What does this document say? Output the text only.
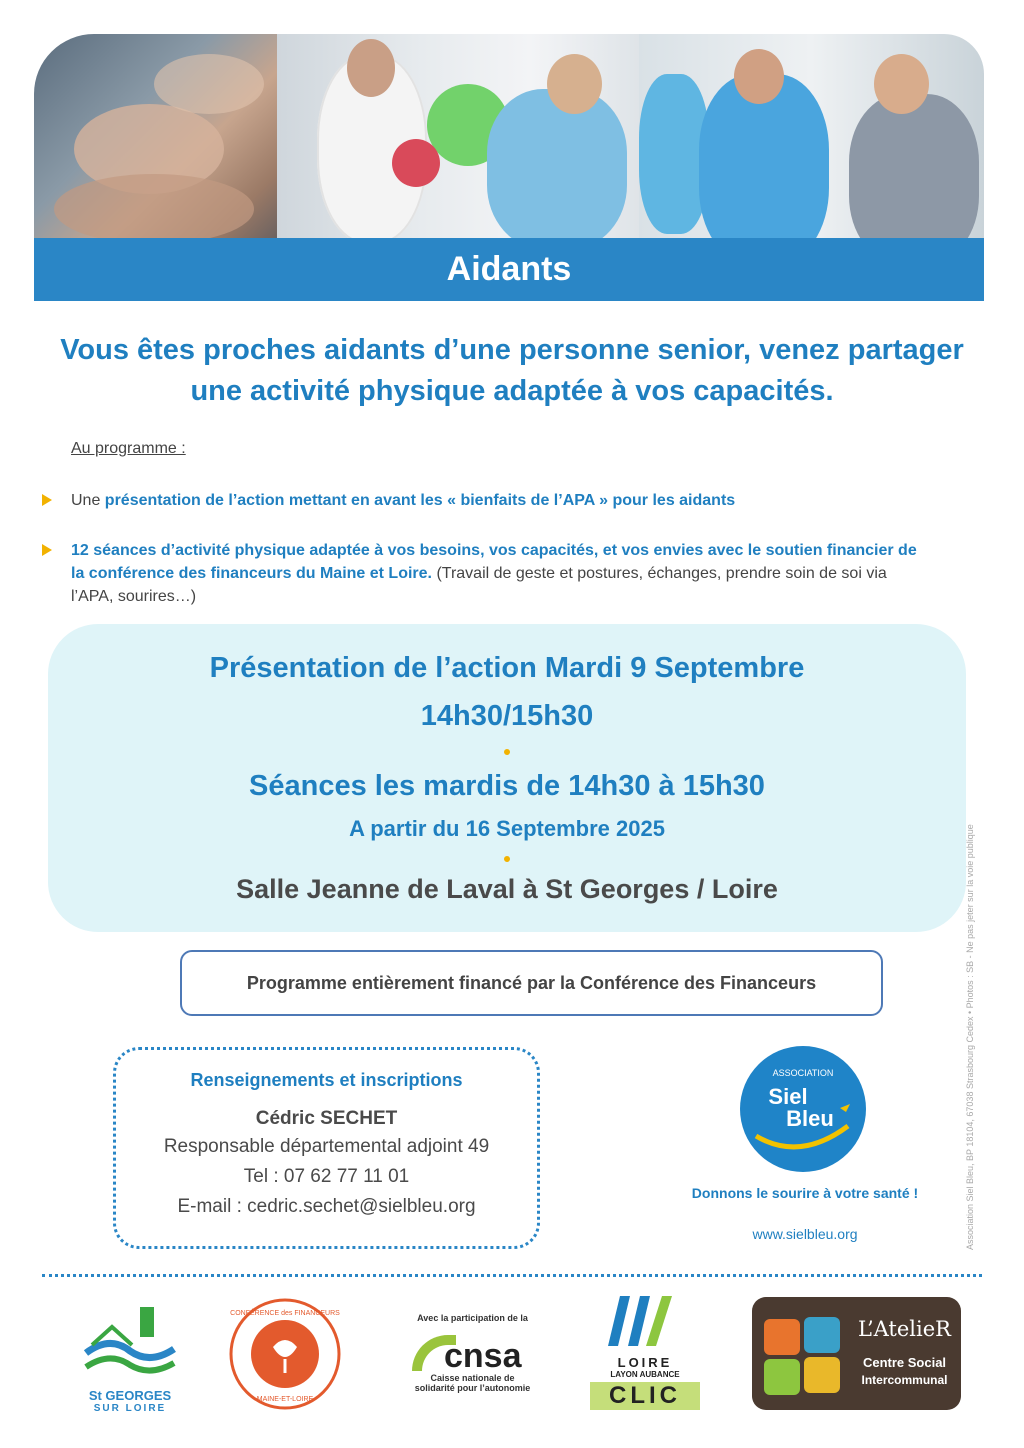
Aidants
Vous êtes proches aidants d’une personne senior, venez partager une activité physique adaptée à vos capacités.
Au programme :
Une présentation de l’action mettant en avant les « bienfaits de l’APA » pour les aidants
12 séances d’activité physique adaptée à vos besoins, vos capacités, et vos envies avec le soutien financier de la conférence des financeurs du Maine et Loire. (Travail de geste et postures, échanges, prendre soin de soi via l’APA, sourires…)
Présentation de l’action Mardi 9 Septembre
14h30/15h30
Séances les mardis de 14h30 à 15h30
A partir du 16 Septembre 2025
Salle Jeanne de Laval à St Georges / Loire
Programme entièrement financé par la Conférence des Financeurs
Renseignements et inscriptions
Cédric SECHET
Responsable départemental adjoint 49
Tel : 07 62 77 11 01
E-mail : cedric.sechet@sielbleu.org
ASSOCIATION
Siel
Bleu
Donnons le sourire à votre santé !
www.sielbleu.org	Association Siel Bleu, BP 18104, 67038 Strasbourg Cedex • Photos : SB - Ne pas jeter sur la voie publique
St GEORGES
SUR LOIRE
CONFÉRENCE des FINANCEURS
MAINE-ET-LOIRE
Avec la participation de la
cnsa
Caisse nationale de
solidarité pour l’autonomie
LOIRE
LAYON AUBANCE
CLIC
L’AtelieR
Centre Social
Intercommunal
